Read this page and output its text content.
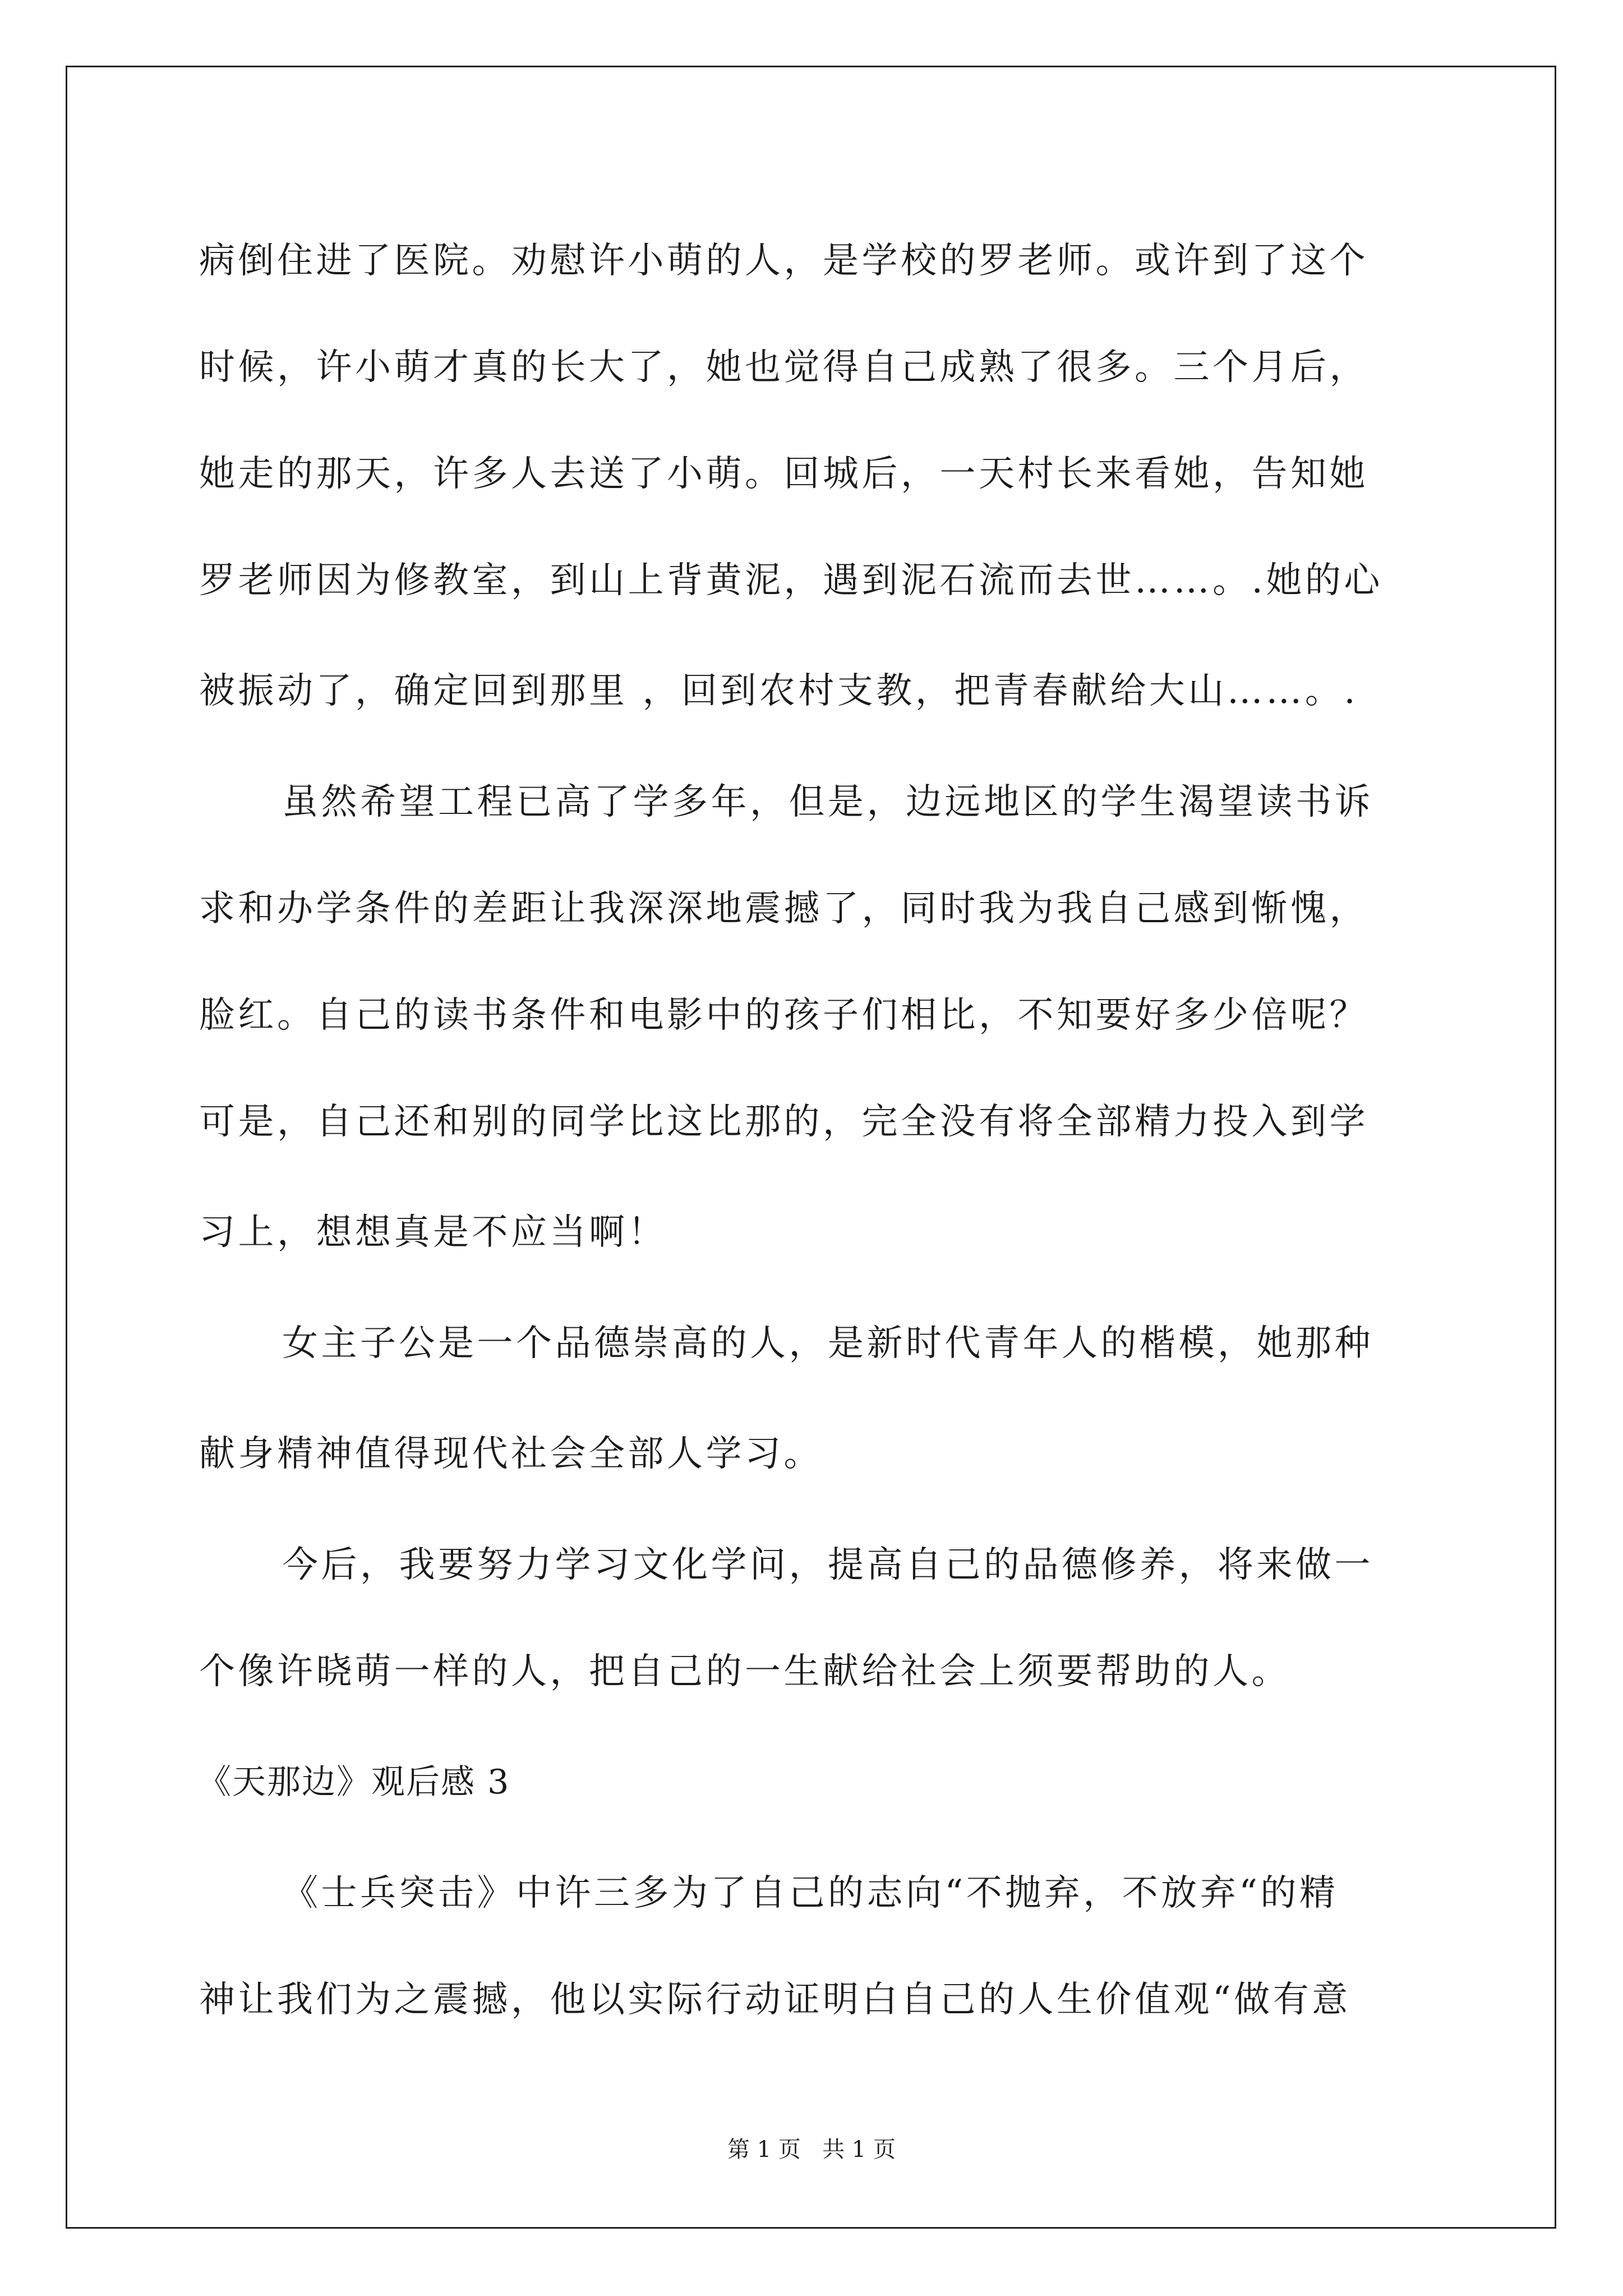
病倒住进了医院。劝慰许小萌的人，是学校的罗老师。或许到了这个
时候，许小萌才真的长大了，她也觉得自己成熟了很多。三个月后，
她走的那天，许多人去送了小萌。回城后，一天村长来看她，告知她
罗老师因为修教室，到山上背黄泥，遇到泥石流而去世……。.她的心
被振动了，确定回到那里 ，回到农村支教，把青春献给大山……。.
虽然希望工程已高了学多年，但是，边远地区的学生渴望读书诉
求和办学条件的差距让我深深地震撼了，同时我为我自己感到惭愧，
脸红。自己的读书条件和电影中的孩子们相比，不知要好多少倍呢？
可是，自己还和别的同学比这比那的，完全没有将全部精力投入到学
习上，想想真是不应当啊！
女主子公是一个品德崇高的人，是新时代青年人的楷模，她那种
献身精神值得现代社会全部人学习。
今后，我要努力学习文化学问，提高自己的品德修养，将来做一
个像许晓萌一样的人，把自己的一生献给社会上须要帮助的人。
《天那边》观后感 3
《士兵突击》中许三多为了自己的志向“不抛弃，不放弃“的精
神让我们为之震撼，他以实际行动证明白自己的人生价值观“做有意
第 1 页   共 1 页
